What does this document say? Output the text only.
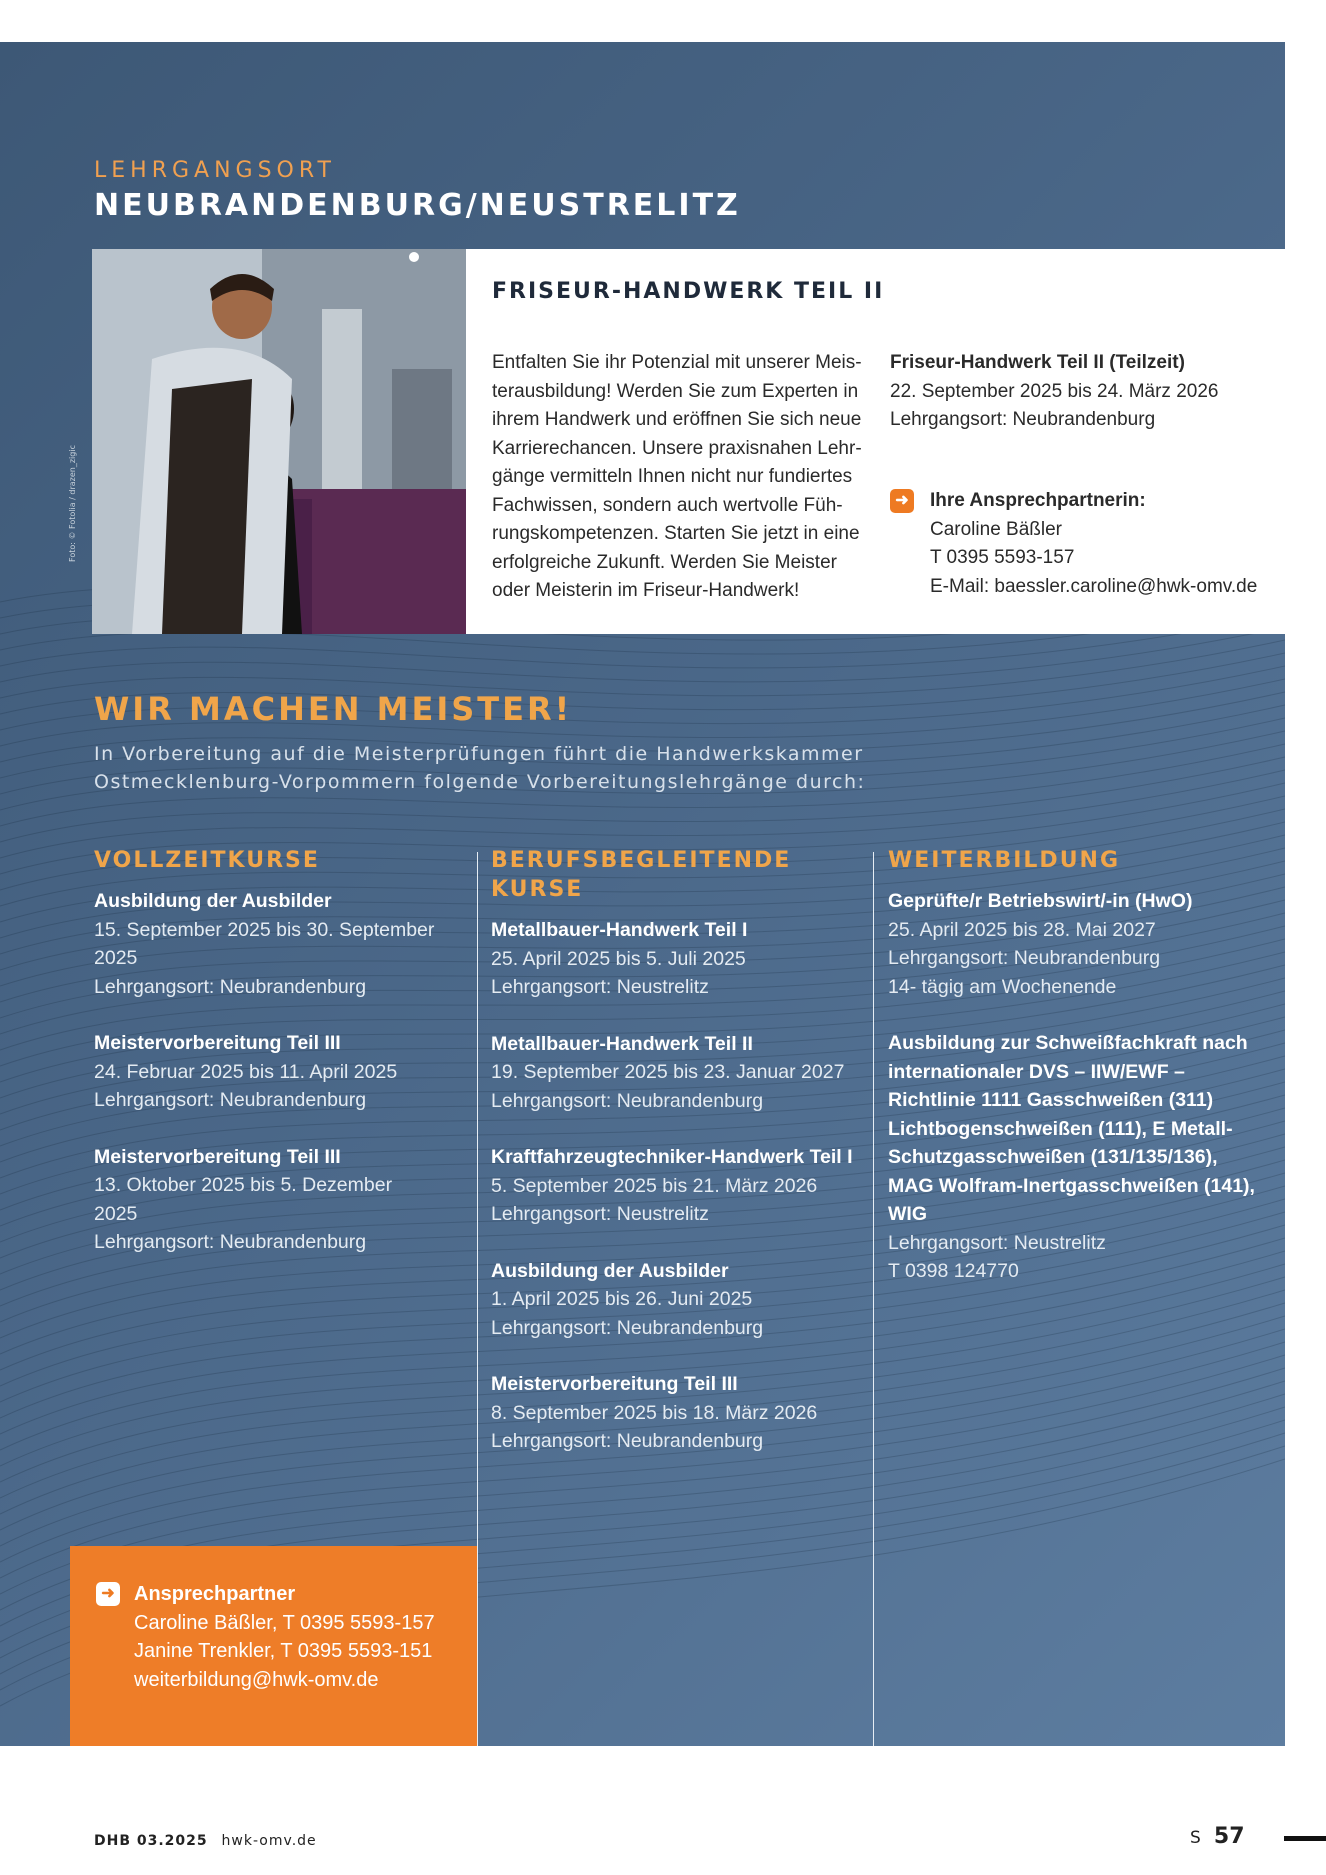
LEHRGANGSORT
NEUBRANDENBURG/NEUSTRELITZ
Foto: © Fotolia / drazen_zigic
FRISEUR-HANDWERK TEIL II
Entfalten Sie ihr Potenzial mit unserer Meis-
terausbildung! Werden Sie zum Experten in
ihrem Handwerk und eröffnen Sie sich neue
Karrierechancen. Unsere praxisnahen Lehr-
gänge vermitteln Ihnen nicht nur fundiertes
Fachwissen, sondern auch wertvolle Füh-
rungskompetenzen. Starten Sie jetzt in eine
erfolgreiche Zukunft. Werden Sie Meister
oder Meisterin im Friseur-Handwerk!
Friseur-Handwerk Teil II (Teilzeit)
22. September 2025 bis 24. März 2026
Lehrgangsort: Neubrandenburg
➜	Ihre Ansprechpartnerin:
Caroline Bäßler
T 0395 5593-157
E-Mail: baessler.caroline@hwk-omv.de
WIR MACHEN MEISTER!
In Vorbereitung auf die Meisterprüfungen führt die Handwerkskammer
Ostmecklenburg-Vorpommern folgende Vorbereitungslehrgänge durch:
VOLLZEITKURSE
Ausbildung der Ausbilder
15. September 2025 bis 30. September 2025
Lehrgangsort: Neubrandenburg
Meistervorbereitung Teil III
24. Februar 2025 bis 11. April 2025
Lehrgangsort: Neubrandenburg
Meistervorbereitung Teil III
13. Oktober 2025 bis 5. Dezember 2025
Lehrgangsort: Neubrandenburg
BERUFSBEGLEITENDE KURSE
Metallbauer-Handwerk Teil I
25. April 2025 bis 5. Juli 2025
Lehrgangsort: Neustrelitz
Metallbauer-Handwerk Teil II
19. September 2025 bis 23. Januar 2027
Lehrgangsort: Neubrandenburg
Kraftfahrzeugtechniker-Handwerk Teil I
5. September 2025 bis 21. März 2026
Lehrgangsort: Neustrelitz
Ausbildung der Ausbilder
1. April 2025 bis 26. Juni 2025
Lehrgangsort: Neubrandenburg
Meistervorbereitung Teil III
8. September 2025 bis 18. März 2026
Lehrgangsort: Neubrandenburg
WEITERBILDUNG
Geprüfte/r Betriebswirt/-in (HwO)
25. April 2025 bis 28. Mai 2027
Lehrgangsort: Neubrandenburg
14- tägig am Wochenende
Ausbildung zur Schweißfachkraft nach internationaler DVS – IIW/EWF – Richtlinie 1111 Gasschweißen (311) Lichtbogenschweißen (111), E Metall-Schutzgasschweißen (131/135/136), MAG Wolfram-Inertgasschweißen (141), WIG
Lehrgangsort: Neustrelitz
T 0398 124770
➜ Ansprechpartner
Caroline Bäßler, T 0395 5593-157
Janine Trenkler, T 0395 5593-151
weiterbildung@hwk-omv.de
DHB 03.2025 hwk-omv.de	S 57
